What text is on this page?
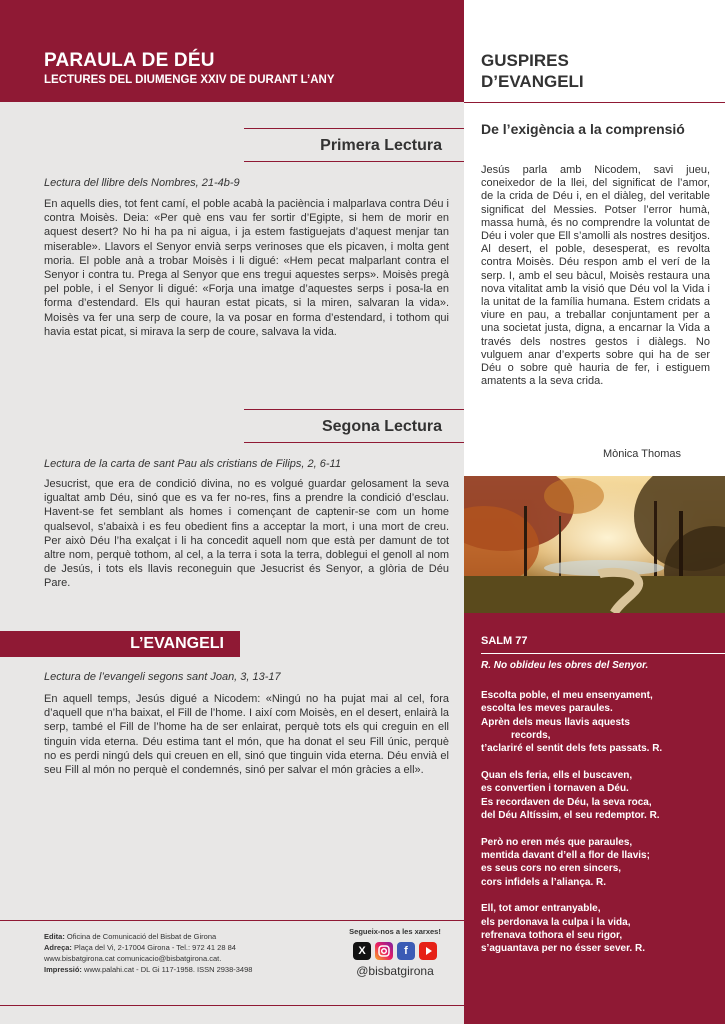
PARAULA DE DÉU
LECTURES DEL DIUMENGE XXIV DE DURANT L’ANY
Primera Lectura
Lectura del llibre dels Nombres, 21-4b-9
En aquells dies, tot fent camí, el poble acabà la paciència i malparlava contra Déu i contra Moisès. Deia: «Per què ens vau fer sortir d’Egipte, si hem de morir en aquest desert? No hi ha pa ni aigua, i ja estem fastiguejats d’aquest menjar tan miserable». Llavors el Senyor envià serps verinoses que els picaven, i molta gent moria. El poble anà a trobar Moisès i li digué: «Hem pecat malparlant contra el Senyor i contra tu. Prega al Senyor que ens tregui aquestes serps». Moisès pregà pel poble, i el Senyor li digué: «Forja una imatge d’aquestes serps i posa-la en forma d’estendard. Els qui hauran estat picats, si la miren, salvaran la vida». Moisès va fer una serp de coure, la va posar en forma d’estendard, i tothom qui havia estat picat, si mirava la serp de coure, salvava la vida.
Segona Lectura
Lectura de la carta de sant Pau als cristians de Filips, 2, 6-11
Jesucrist, que era de condició divina, no es volgué guardar gelosament la seva igualtat amb Déu, sinó que es va fer no-res, fins a prendre la condició d’esclau. Havent-se fet semblant als homes i començant de captenir-se com un home qualsevol, s’abaixà i es feu obedient fins a acceptar la mort, i una mort de creu. Per això Déu l’ha exalçat i li ha concedit aquell nom que està per damunt de tot altre nom, perquè tothom, al cel, a la terra i sota la terra, doblegui el genoll al nom de Jesús, i tots els llavis reconeguin que Jesucrist és Senyor, a glòria de Déu Pare.
L’EVANGELI
Lectura de l’evangeli segons sant Joan, 3, 13-17
En aquell temps, Jesús digué a Nicodem: «Ningú no ha pujat mai al cel, fora d’aquell que n’ha baixat, el Fill de l’home. I així com Moisès, en el desert, enlairà la serp, també el Fill de l’home ha de ser enlairat, perquè tots els qui creguin en ell tinguin vida eterna. Déu estima tant el món, que ha donat el seu Fill únic, perquè no es perdi ningú dels qui creuen en ell, sinó que tinguin vida eterna. Déu envià el seu Fill al món no perquè el condemnés, sinó per salvar el món gràcies a ell».
Edita: Oficina de Comunicació del Bisbat de Girona
Adreça: Plaça del Vi, 2-17004 Girona - Tel.: 972 41 28 84
www.bisbatgirona.cat comunicacio@bisbatgirona.cat.
Impressió: www.palahi.cat - DL Gi 117-1958. ISSN 2938-3498
Segueix-nos a les xarxes!
X	f
@bisbatgirona
GUSPIRES
D’EVANGELI
De l’exigència a la comprensió
Jesús parla amb Nicodem, savi jueu, coneixedor de la llei, del significat de l’amor, de la crida de Déu i, en el diàleg, del veritable significat del Messies. Potser l’error humà, massa humà, és no comprendre la voluntat de Déu i voler que Ell s’amolli als nostres desitjos. Al desert, el poble, desesperat, es revolta contra Moisès. Déu respon amb el verí de la serp. I, amb el seu bàcul, Moisès restaura una nova vitalitat amb la visió que Déu vol la Vida i la unitat de la família humana. Estem cridats a viure en pau, a treballar conjuntament per a una societat justa, digna, a encarnar la Vida a través dels nostres gestos i diàlegs. No vulguem anar d’experts sobre qui ha de ser Déu o sobre què hauria de fer, i estiguem amatents a la seva crida.
Mònica Thomas
SALM 77
R. No oblideu les obres del Senyor.
Escolta poble, el meu ensenyament,
escolta les meves paraules.
Aprèn dels meus llavis aquests
records,
t’aclariré el sentit dels fets passats. R.
Quan els feria, ells el buscaven,
es convertien i tornaven a Déu.
Es recordaven de Déu, la seva roca,
del Déu Altíssim, el seu redemptor. R.
Però no eren més que paraules,
mentida davant d’ell a flor de llavis;
es seus cors no eren sincers,
cors infidels a l’aliança. R.
Ell, tot amor entranyable,
els perdonava la culpa i la vida,
refrenava tothora el seu rigor,
s’aguantava per no ésser sever. R.
